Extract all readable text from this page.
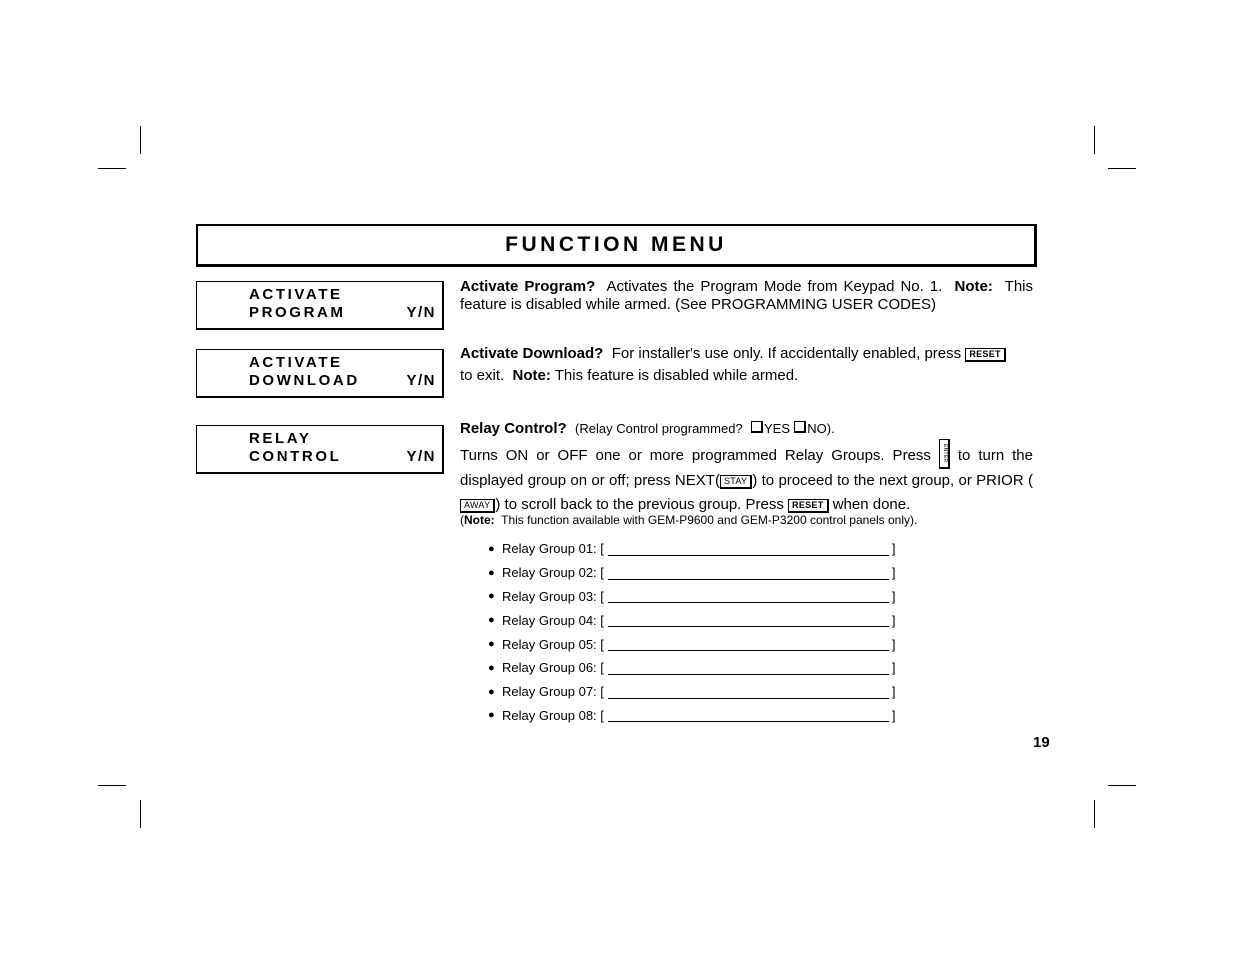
FUNCTION MENU
ACTIVATE
PROGRAM	Y/N
ACTIVATE
DOWNLOAD	Y/N
RELAY
CONTROL	Y/N
Activate Program? Activates the Program Mode from Keypad No. 1. Note: This feature is disabled while armed. (See PROGRAMMING USER CODES)
Activate Download? For installer's use only. If accidentally enabled, press RESET
to exit. Note: This feature is disabled while armed.
Relay Control? (Relay Control programmed? YES NO).
Turns ON or OFF one or more programmed Relay Groups. Press ENTER to turn the displayed group on or off; press NEXT( STAY ) to proceed to the next group, or PRIOR (AWAY ) to scroll back to the previous group. Press RESET when done.
(Note: This function available with GEM-P9600 and GEM-P3200 control panels only).
● Relay Group 01: [	]
● Relay Group 02: [	]
● Relay Group 03: [	]
● Relay Group 04: [	]
● Relay Group 05: [	]
● Relay Group 06: [	]
● Relay Group 07: [	]
● Relay Group 08: [	]
19
